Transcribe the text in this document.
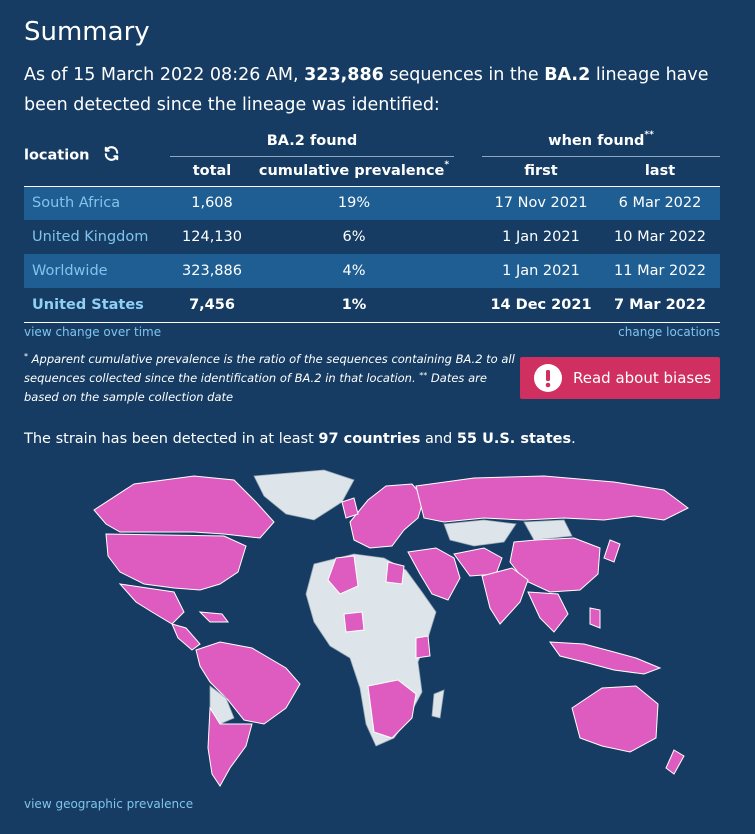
Summary
As of 15 March 2022 08:26 AM, 323,886 sequences in the BA.2 lineage have been detected since the lineage was identified:
location	BA.2 found			when found**
	total	cumulative prevalence*		first	last
South Africa	1,608	19%		17 Nov 2021	6 Mar 2022
United Kingdom	124,130	6%		1 Jan 2021	10 Mar 2022
Worldwide	323,886	4%		1 Jan 2021	11 Mar 2022
United States	7,456	1%		14 Dec 2021	7 Mar 2022
view change over time	change locations
* Apparent cumulative prevalence is the ratio of the sequences containing BA.2 to all sequences collected since the identification of BA.2 in that location. ** Dates are based on the sample collection date
Read about biases
The strain has been detected in at least 97 countries and 55 U.S. states.
view geographic prevalence
